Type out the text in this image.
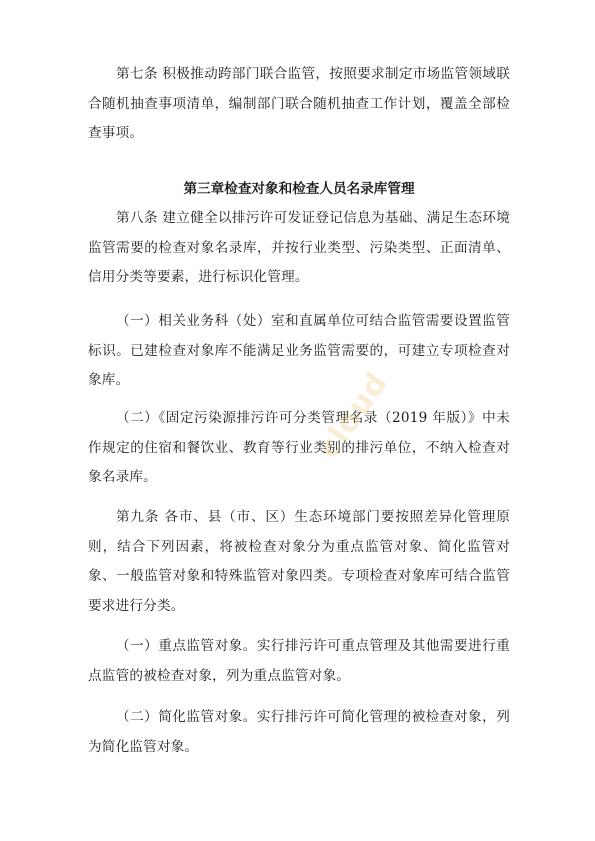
第七条 积极推动跨部门联合监管，按照要求制定市场监管领域联合随机抽查事项清单，编制部门联合随机抽查工作计划，覆盖全部检查事项。

第三章检查对象和检查人员名录库管理

第八条 建立健全以排污许可发证登记信息为基础、满足生态环境监管需要的检查对象名录库，并按行业类型、污染类型、正面清单、信用分类等要素，进行标识化管理。

（一）相关业务科（处）室和直属单位可结合监管需要设置监管标识。已建检查对象库不能满足业务监管需要的，可建立专项检查对象库。

（二）《固定污染源排污许可分类管理名录（2019 年版）》中未作规定的住宿和餐饮业、教育等行业类别的排污单位，不纳入检查对象名录库。

第九条 各市、县（市、区）生态环境部门要按照差异化管理原则，结合下列因素，将被检查对象分为重点监管对象、简化监管对象、一般监管对象和特殊监管对象四类。专项检查对象库可结合监管要求进行分类。

（一）重点监管对象。实行排污许可重点管理及其他需要进行重点监管的被检查对象，列为重点监管对象。

（二）简化监管对象。实行排污许可简化管理的被检查对象，列为简化监管对象。

cloud
